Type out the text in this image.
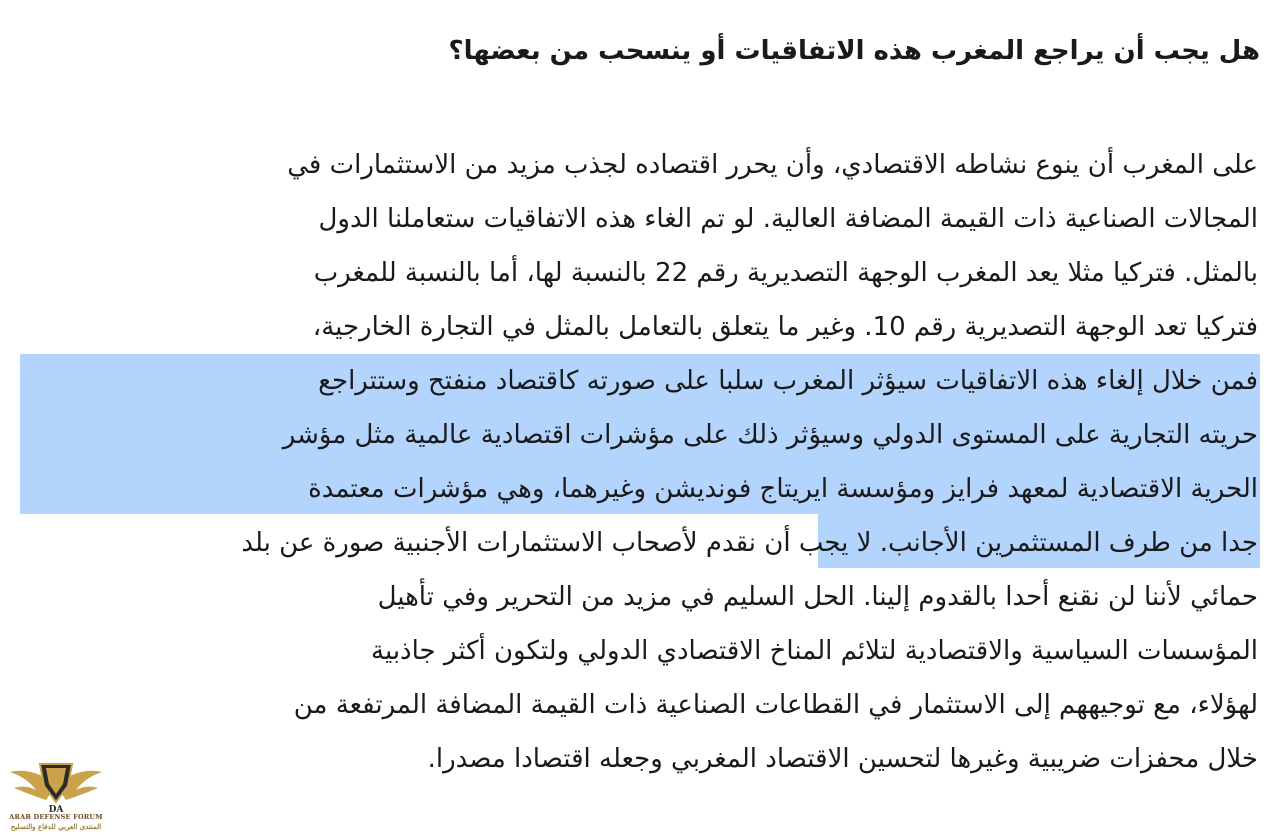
هل يجب أن يراجع المغرب هذه الاتفاقيات أو ينسحب من بعضها؟
على المغرب أن ينوع نشاطه الاقتصادي، وأن يحرر اقتصاده لجذب مزيد من الاستثمارات في
المجالات الصناعية ذات القيمة المضافة العالية. لو تم الغاء هذه الاتفاقيات ستعاملنا الدول
بالمثل. فتركيا مثلا يعد المغرب الوجهة التصديرية رقم 22 بالنسبة لها، أما بالنسبة للمغرب
فتركيا تعد الوجهة التصديرية رقم 10. وغير ما يتعلق بالتعامل بالمثل في التجارة الخارجية،
فمن خلال إلغاء هذه الاتفاقيات سيؤثر المغرب سلبا على صورته كاقتصاد منفتح وستتراجع
حريته التجارية على المستوى الدولي وسيؤثر ذلك على مؤشرات اقتصادية عالمية مثل مؤشر
الحرية الاقتصادية لمعهد فرايز ومؤسسة ايريتاج فونديشن وغيرهما، وهي مؤشرات معتمدة
جدا من طرف المستثمرين الأجانب. لا يجب أن نقدم لأصحاب الاستثمارات الأجنبية صورة عن بلد
حمائي لأننا لن نقنع أحدا بالقدوم إلينا. الحل السليم في مزيد من التحرير وفي تأهيل
المؤسسات السياسية والاقتصادية لتلائم المناخ الاقتصادي الدولي ولتكون أكثر جاذبية
لهؤلاء، مع توجيههم إلى الاستثمار في القطاعات الصناعية ذات القيمة المضافة المرتفعة من
خلال محفزات ضريبية وغيرها لتحسين الاقتصاد المغربي وجعله اقتصادا مصدرا.
DA
ARAB DEFENSE FORUM
المنتدى العربي للدفاع والتسليح
